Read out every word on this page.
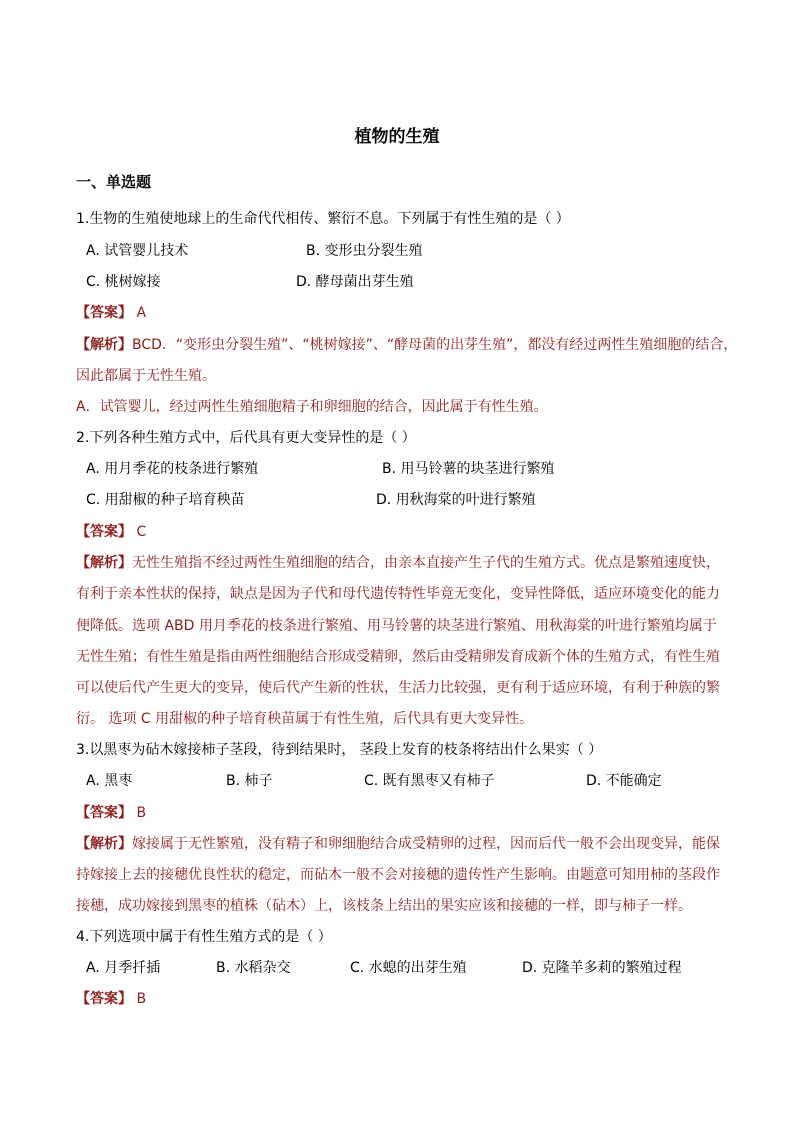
植物的生殖
一、单选题
1.生物的生殖使地球上的生命代代相传、繁衍不息。下列属于有性生殖的是（ ）
A. 试管婴儿技术	B. 变形虫分裂生殖
C. 桃树嫁接	D. 酵母菌出芽生殖
【答案】 A
【解析】BCD．“变形虫分裂生殖”、“桃树嫁接”、“酵母菌的出芽生殖”，都没有经过两性生殖细胞的结合，
因此都属于无性生殖。
A．试管婴儿，经过两性生殖细胞精子和卵细胞的结合，因此属于有性生殖。
2.下列各种生殖方式中，后代具有更大变异性的是（ ）
A. 用月季花的枝条进行繁殖	B. 用马铃薯的块茎进行繁殖
C. 用甜椒的种子培育秧苗	D. 用秋海棠的叶进行繁殖
【答案】 C
【解析】无性生殖指不经过两性生殖细胞的结合，由亲本直接产生子代的生殖方式。优点是繁殖速度快，
有利于亲本性状的保持，缺点是因为子代和母代遗传特性毕竟无变化，变异性降低，适应环境变化的能力
便降低。选项 ABD 用月季花的枝条进行繁殖、用马铃薯的块茎进行繁殖、用秋海棠的叶进行繁殖均属于
无性生殖；有性生殖是指由两性细胞结合形成受精卵，然后由受精卵发育成新个体的生殖方式，有性生殖
可以使后代产生更大的变异，使后代产生新的性状，生活力比较强，更有利于适应环境，有利于种族的繁
衍。 选项 C 用甜椒的种子培育秧苗属于有性生殖，后代具有更大变异性。
3.以黑枣为砧木嫁接柿子茎段，待到结果时， 茎段上发育的枝条将结出什么果实（ ）
A. 黑枣	B. 柿子	C. 既有黑枣又有柿子	D. 不能确定
【答案】 B
【解析】嫁接属于无性繁殖，没有精子和卵细胞结合成受精卵的过程，因而后代一般不会出现变异，能保
持嫁接上去的接穗优良性状的稳定，而砧木一般不会对接穗的遗传性产生影响。由题意可知用柿的茎段作
接穗，成功嫁接到黑枣的植株（砧木）上，该枝条上结出的果实应该和接穗的一样，即与柿子一样。
4.下列选项中属于有性生殖方式的是（ ）
A. 月季扦插	B. 水稻杂交	C. 水螅的出芽生殖	D. 克隆羊多莉的繁殖过程
【答案】 B
